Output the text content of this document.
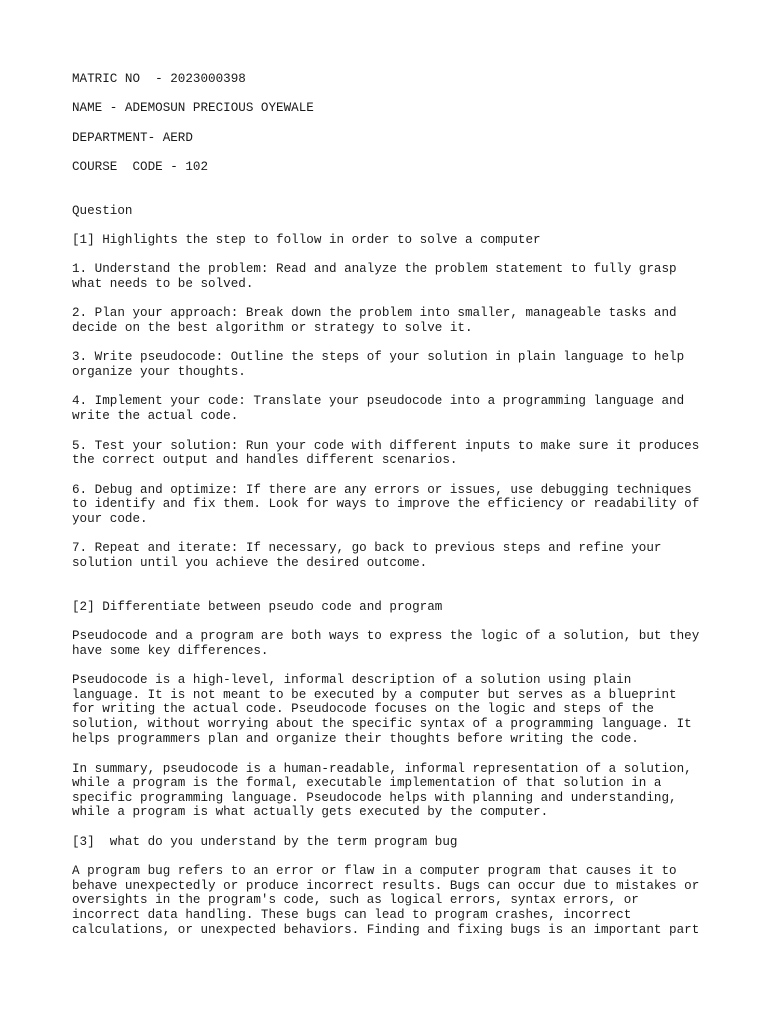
MATRIC NO  - 2023000398
NAME - ADEMOSUN PRECIOUS OYEWALE
DEPARTMENT- AERD
COURSE  CODE - 102
Question
[1] Highlights the step to follow in order to solve a computer
1. Understand the problem: Read and analyze the problem statement to fully grasp
what needs to be solved.
2. Plan your approach: Break down the problem into smaller, manageable tasks and
decide on the best algorithm or strategy to solve it.
3. Write pseudocode: Outline the steps of your solution in plain language to help
organize your thoughts.
4. Implement your code: Translate your pseudocode into a programming language and
write the actual code.
5. Test your solution: Run your code with different inputs to make sure it produces
the correct output and handles different scenarios.
6. Debug and optimize: If there are any errors or issues, use debugging techniques
to identify and fix them. Look for ways to improve the efficiency or readability of
your code.
7. Repeat and iterate: If necessary, go back to previous steps and refine your
solution until you achieve the desired outcome.
[2] Differentiate between pseudo code and program
Pseudocode and a program are both ways to express the logic of a solution, but they
have some key differences.
Pseudocode is a high-level, informal description of a solution using plain
language. It is not meant to be executed by a computer but serves as a blueprint
for writing the actual code. Pseudocode focuses on the logic and steps of the
solution, without worrying about the specific syntax of a programming language. It
helps programmers plan and organize their thoughts before writing the code.
In summary, pseudocode is a human-readable, informal representation of a solution,
while a program is the formal, executable implementation of that solution in a
specific programming language. Pseudocode helps with planning and understanding,
while a program is what actually gets executed by the computer.
[3]  what do you understand by the term program bug
A program bug refers to an error or flaw in a computer program that causes it to
behave unexpectedly or produce incorrect results. Bugs can occur due to mistakes or
oversights in the program's code, such as logical errors, syntax errors, or
incorrect data handling. These bugs can lead to program crashes, incorrect
calculations, or unexpected behaviors. Finding and fixing bugs is an important part
